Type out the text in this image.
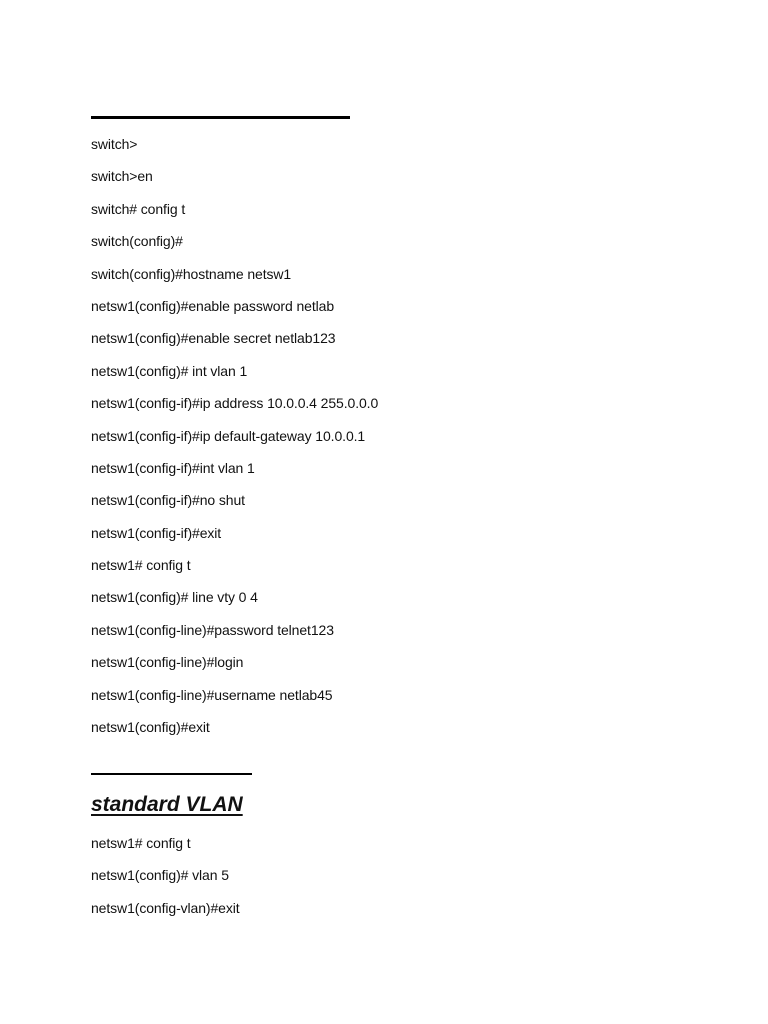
switch>
switch>en
switch# config t
switch(config)#
switch(config)#hostname netsw1
netsw1(config)#enable password netlab
netsw1(config)#enable secret netlab123
netsw1(config)# int vlan 1
netsw1(config-if)#ip address 10.0.0.4 255.0.0.0
netsw1(config-if)#ip default-gateway 10.0.0.1
netsw1(config-if)#int vlan 1
netsw1(config-if)#no shut
netsw1(config-if)#exit
netsw1# config t
netsw1(config)# line vty 0 4
netsw1(config-line)#password telnet123
netsw1(config-line)#login
netsw1(config-line)#username netlab45
netsw1(config)#exit
standard VLAN
netsw1# config t
netsw1(config)# vlan 5
netsw1(config-vlan)#exit
